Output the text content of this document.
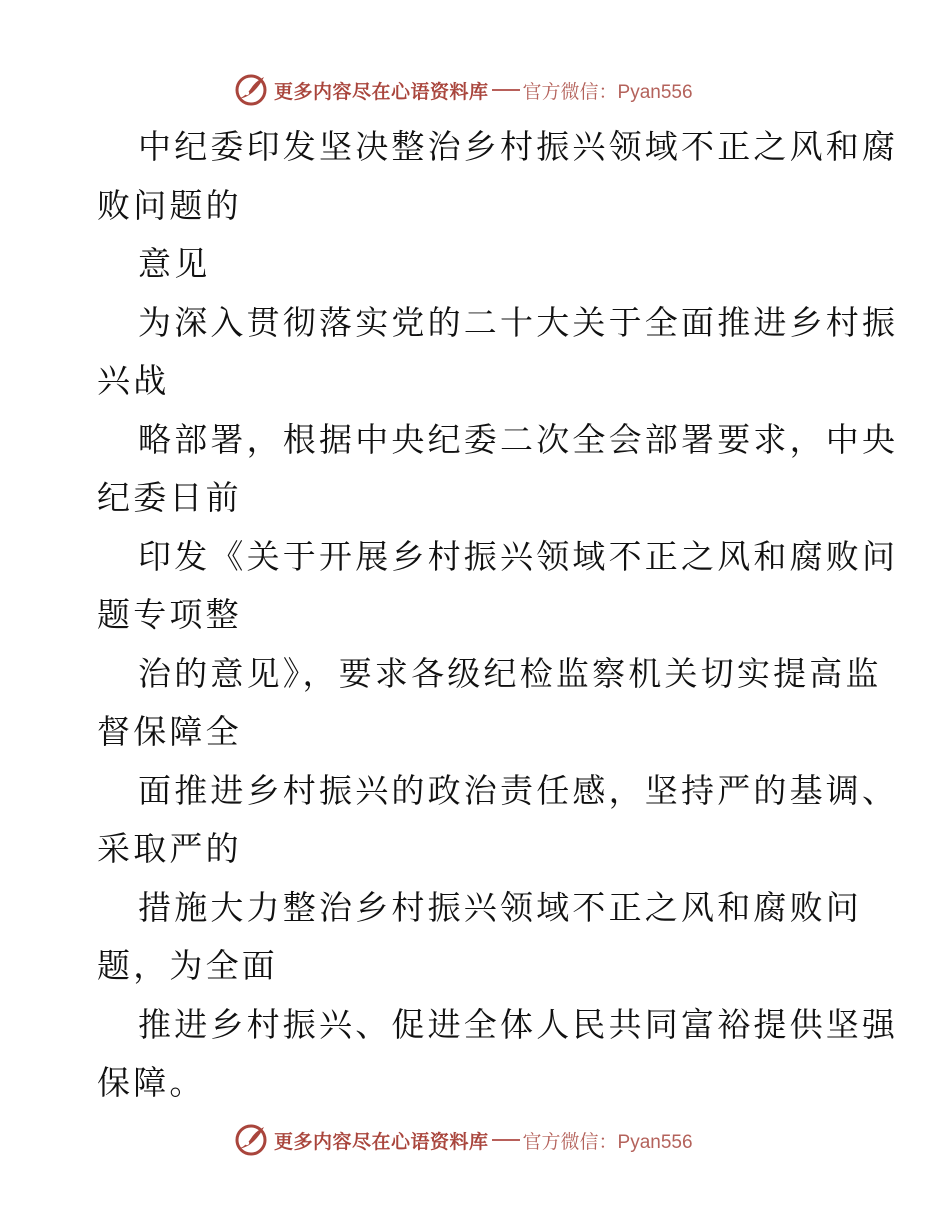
更多内容尽在心语资料库 官方微信：Pyan556

中纪委印发坚决整治乡村振兴领域不正之风和腐
败问题的

意见

为深入贯彻落实党的二十大关于全面推进乡村振
兴战

略部署，根据中央纪委二次全会部署要求，中央
纪委日前

印发《关于开展乡村振兴领域不正之风和腐败问
题专项整

治的意见》，要求各级纪检监察机关切实提高监
督保障全

面推进乡村振兴的政治责任感，坚持严的基调、
采取严的

措施大力整治乡村振兴领域不正之风和腐败问
题，为全面

推进乡村振兴、促进全体人民共同富裕提供坚强
保障。

更多内容尽在心语资料库 官方微信：Pyan556
